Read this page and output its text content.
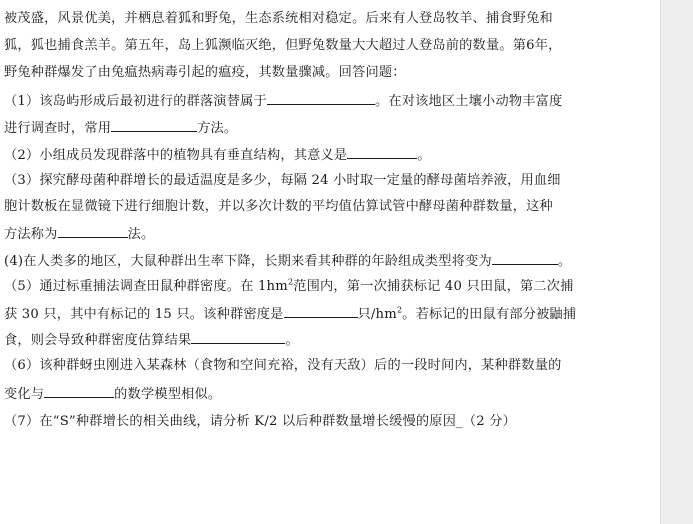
被茂盛，风景优美，并栖息着狐和野兔，生态系统相对稳定。后来有人登岛牧羊、捕食野兔和
狐，狐也捕食羔羊。第五年，岛上狐濒临灭绝，但野兔数量大大超过人登岛前的数量。第6年，
野兔种群爆发了由兔瘟热病毒引起的瘟疫，其数量骤减。回答问题：
（1）该岛屿形成后最初进行的群落演替属于	。在对该地区土壤小动物丰富度
进行调查时，常用	方法。
（2）小组成员发现群落中的植物具有垂直结构，其意义是	。
（3）探究酵母菌种群增长的最适温度是多少，每隔 24 小时取一定量的酵母菌培养液，用血细
胞计数板在显微镜下进行细胞计数，并以多次计数的平均值估算试管中酵母菌种群数量，这种
方法称为	法。
(4)在人类多的地区，大鼠种群出生率下降，长期来看其种群的年龄组成类型将变为	。
（5）通过标重捕法调查田鼠种群密度。在 $1hm^2$范围内，第一次捕获标记 40 只田鼠，第二次捕
获 30 只，其中有标记的 15 只。该种群密度是	只$/hm^2$。若标记的田鼠有部分被鼬捕
食，则会导致种群密度估算结果	。
（6）该种群蚜虫刚进入某森林（食物和空间充裕，没有天敌）后的一段时间内，某种群数量的
变化与	的数学模型相似。
（7）在“S”种群增长的相关曲线，请分析 K/2 以后种群数量增长缓慢的原因_（2 分）
